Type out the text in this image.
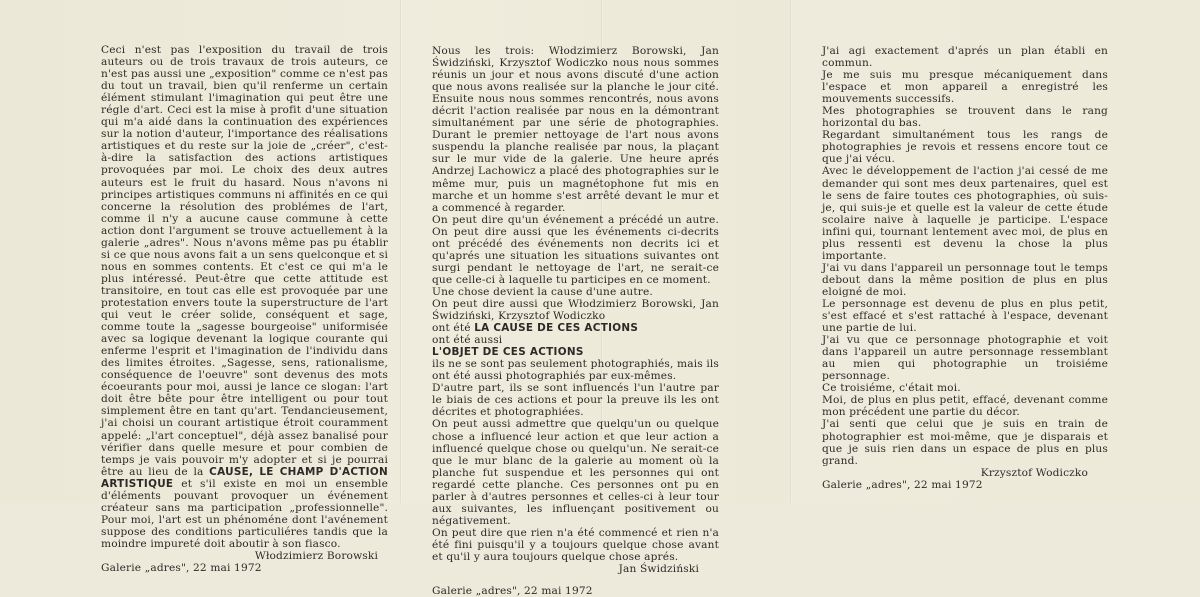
Ceci n'est pas l'exposition du travail de trois auteurs ou de trois travaux de trois auteurs, ce n'est pas aussi une „exposition" comme ce n'est pas du tout un travail, bien qu'il renferme un certain élément stimulant l'imagination qui peut être une régle d'art. Ceci est la mise à profit d'une situation qui m'a aidé dans la continuation des expériences sur la notion d'auteur, l'importance des réalisations artistiques et du reste sur la joie de „créer", c'est-à-dire la satisfaction des actions artistiques provoquées par moi. Le choix des deux autres auteurs est le fruit du hasard. Nous n'avons ni principes artistiques communs ni affinités en ce qui concerne la résolution des problémes de l'art, comme il n'y a aucune cause commune à cette action dont l'argument se trouve actuellement à la galerie „adres". Nous n'avons même pas pu établir si ce que nous avons fait a un sens quelconque et si nous en sommes contents. Et c'est ce qui m'a le plus intéressé. Peut-être que cette attitude est transitoire, en tout cas elle est provoquée par une protestation envers toute la superstructure de l'art qui veut le créer solide, conséquent et sage, comme toute la „sagesse bourgeoise" uniformisée avec sa logique devenant la logique courante qui enferme l'esprit et l'imagination de l'individu dans des limites étroites. „Sagesse, sens, rationalisme, conséquence de l'oeuvre" sont devenus des mots écoeurants pour moi, aussi je lance ce slogan: l'art doit être bête pour être intelligent ou pour tout simplement être en tant qu'art. Tendancieusement, j'ai choisi un courant artistique étroit couramment appelé: „l'art conceptuel", déjà assez banalisé pour vérifier dans quelle mesure et pour combien de temps je vais pouvoir m'y adopter et si je pourrai être au lieu de la CAUSE, LE CHAMP D'ACTION ARTISTIQUE et s'il existe en moi un ensemble d'éléments pouvant provoquer un événement créateur sans ma participation „professionnelle". Pour moi, l'art est un phénoméne dont l'avénement suppose des conditions particuliéres tandis que la moindre impureté doit aboutir à son fiasco.

Włodzimierz Borowski

Galerie „adres", 22 mai 1972

Nous les trois: Włodzimierz Borowski, Jan Świdziński, Krzysztof Wodiczko nous nous sommes réunis un jour et nous avons discuté d'une action que nous avons realisée sur la planche le jour cité. Ensuite nous nous sommes rencontrés, nous avons décrit l'action realisée par nous en la démontrant simultanément par une série de photographies. Durant le premier nettoyage de l'art nous avons suspendu la planche realisée par nous, la plaçant sur le mur vide de la galerie. Une heure aprés Andrzej Lachowicz a placé des photographies sur le même mur, puis un magnétophone fut mis en marche et un homme s'est arrêté devant le mur et a commencé à regarder.

On peut dire qu'un événement a précédé un autre. On peut dire aussi que les événements ci-decrits ont précédé des événements non decrits ici et qu'aprés une situation les situations suivantes ont surgi pendant le nettoyage de l'art, ne serait-ce que celle-ci à laquelle tu participes en ce moment.

Une chose devient la cause d'une autre.

On peut dire aussi que Włodzimierz Borowski, Jan Świdziński, Krzysztof Wodiczko

ont été LA CAUSE DE CES ACTIONS

ont été aussi

L'OBJET DE CES ACTIONS

ils ne se sont pas seulement photographiés, mais ils ont été aussi photographiés par eux-mêmes.

D'autre part, ils se sont influencés l'un l'autre par le biais de ces actions et pour la preuve ils les ont décrites et photographiées.

On peut aussi admettre que quelqu'un ou quelque chose a influencé leur action et que leur action a influencé quelque chose ou quelqu'un. Ne serait-ce que le mur blanc de la galerie au moment où la planche fut suspendue et les personnes qui ont regardé cette planche. Ces personnes ont pu en parler à d'autres personnes et celles-ci à leur tour aux suivantes, les influençant positivement ou négativement.

On peut dire que rien n'a été commencé et rien n'a été fini puisqu'il y a toujours quelque chose avant et qu'il y aura toujours quelque chose aprés.

Jan Świdziński

Galerie „adres", 22 mai 1972

J'ai agi exactement d'aprés un plan établi en commun.

Je me suis mu presque mécaniquement dans l'espace et mon appareil a enregistré les mouvements successifs.

Mes photographies se trouvent dans le rang horizontal du bas.

Regardant simultanément tous les rangs de photographies je revois et ressens encore tout ce que j'ai vécu.

Avec le développement de l'action j'ai cessé de me demander qui sont mes deux partenaires, quel est le sens de faire toutes ces photographies, où suis-je, qui suis-je et quelle est la valeur de cette étude scolaire naive à laquelle je participe. L'espace infini qui, tournant lentement avec moi, de plus en plus ressenti est devenu la chose la plus importante.

J'ai vu dans l'appareil un personnage tout le temps debout dans la même position de plus en plus eloigné de moi.

Le personnage est devenu de plus en plus petit, s'est effacé et s'est rattaché à l'espace, devenant une partie de lui.

J'ai vu que ce personnage photographie et voit dans l'appareil un autre personnage ressemblant au mien qui photographie un troisiéme personnage.

Ce troisiéme, c'était moi.

Moi, de plus en plus petit, effacé, devenant comme mon précédent une partie du décor.

J'ai senti que celui que je suis en train de photographier est moi-même, que je disparais et que je suis rien dans un espace de plus en plus grand.

Krzysztof Wodiczko

Galerie „adres", 22 mai 1972
